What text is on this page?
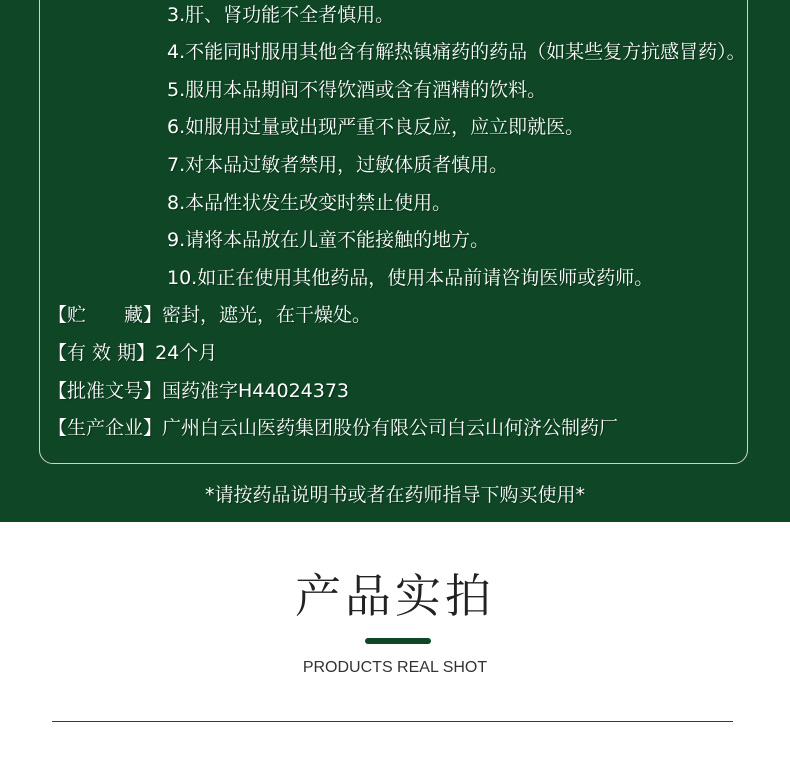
3.肝、肾功能不全者慎用。
4.不能同时服用其他含有解热镇痛药的药品（如某些复方抗感冒药）。
5.服用本品期间不得饮酒或含有酒精的饮料。
6.如服用过量或出现严重不良反应，应立即就医。
7.对本品过敏者禁用，过敏体质者慎用。
8.本品性状发生改变时禁止使用。
9.请将本品放在儿童不能接触的地方。
10.如正在使用其他药品，使用本品前请咨询医师或药师。
【贮　　藏】密封，遮光，在干燥处。
【有 效 期】24个月
【批准文号】国药准字H44024373
【生产企业】广州白云山医药集团股份有限公司白云山何济公制药厂
*请按药品说明书或者在药师指导下购买使用*
产品实拍
PRODUCTS REAL SHOT
